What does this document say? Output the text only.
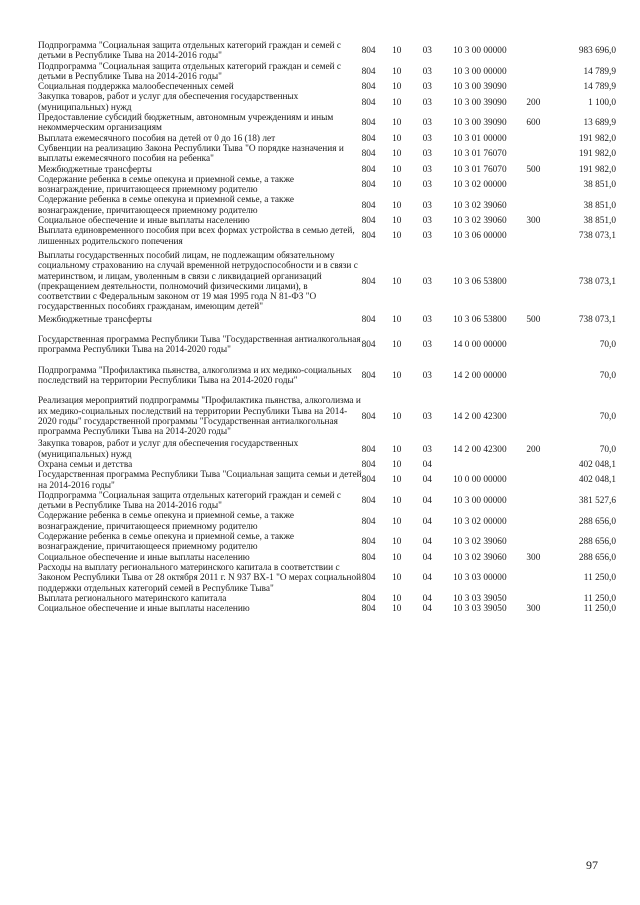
Подпрограмма "Социальная защита отдельных категорий граждан и семей с детьми в Республике Тыва на 2014-2016 годы"	804	10	03	10 3 00 00000		983 696,0
Подпрограмма "Социальная защита отдельных категорий граждан и семей с детьми в Республике Тыва на 2014-2016 годы"	804	10	03	10 3 00 00000		14 789,9
Социальная поддержка малообеспеченных семей	804	10	03	10 3 00 39090		14 789,9
Закупка товаров, работ и услуг для обеспечения государственных (муниципальных) нужд	804	10	03	10 3 00 39090	200	1 100,0
Предоставление субсидий бюджетным, автономным учреждениям и иным некоммерческим организациям	804	10	03	10 3 00 39090	600	13 689,9
Выплата ежемесячного пособия на детей от 0 до 16 (18) лет	804	10	03	10 3 01 00000		191 982,0
Субвенции на реализацию Закона Республики Тыва "О порядке назначения и выплаты ежемесячного пособия на ребенка"	804	10	03	10 3 01 76070		191 982,0
Межбюджетные трансферты	804	10	03	10 3 01 76070	500	191 982,0
Содержание ребенка в семье опекуна и приемной семье, а также вознаграждение, причитающееся приемному родителю	804	10	03	10 3 02 00000		38 851,0
Содержание ребенка в семье опекуна и приемной семье, а также вознаграждение, причитающееся приемному родителю	804	10	03	10 3 02 39060		38 851,0
Социальное обеспечение и иные выплаты населению	804	10	03	10 3 02 39060	300	38 851,0
Выплата единовременного пособия при всех формах устройства в семью детей, лишенных родительского попечения	804	10	03	10 3 06 00000		738 073,1
Выплаты государственных пособий лицам, не подлежащим обязательному социальному страхованию на случай временной нетрудоспособности и в связи с материнством, и лицам, уволенным в связи с ликвидацией организаций (прекращением деятельности, полномочий физическими лицами), в соответствии с Федеральным законом от 19 мая 1995 года N 81-ФЗ "О государственных пособиях гражданам, имеющим детей"	804	10	03	10 3 06 53800		738 073,1
Межбюджетные трансферты	804	10	03	10 3 06 53800	500	738 073,1
Государственная программа Республики Тыва "Государственная антиалкогольная программа Республики Тыва на 2014-2020 годы"	804	10	03	14 0 00 00000		70,0
Подпрограмма "Профилактика пьянства, алкоголизма и их медико-социальных последствий на территории Республики Тыва на 2014-2020 годы"	804	10	03	14 2 00 00000		70,0
Реализация мероприятий подпрограммы "Профилактика пьянства, алкоголизма и их медико-социальных последствий на территории Республики Тыва на 2014-2020 годы" государственной программы "Государственная антиалкогольная программа Республики Тыва на 2014-2020 годы"	804	10	03	14 2 00 42300		70,0
Закупка товаров, работ и услуг для обеспечения государственных (муниципальных) нужд	804	10	03	14 2 00 42300	200	70,0
Охрана семьи и детства	804	10	04			402 048,1
Государственная программа Республики Тыва "Социальная защита семьи и детей на 2014-2016 годы"	804	10	04	10 0 00 00000		402 048,1
Подпрограмма "Социальная защита отдельных категорий граждан и семей с детьми в Республике Тыва на 2014-2016 годы"	804	10	04	10 3 00 00000		381 527,6
Содержание ребенка в семье опекуна и приемной семье, а также вознаграждение, причитающееся приемному родителю	804	10	04	10 3 02 00000		288 656,0
Содержание ребенка в семье опекуна и приемной семье, а также вознаграждение, причитающееся приемному родителю	804	10	04	10 3 02 39060		288 656,0
Социальное обеспечение и иные выплаты населению	804	10	04	10 3 02 39060	300	288 656,0
Расходы на выплату регионального материнского капитала в соответствии с Законом Республики Тыва от 28 октября 2011 г. N 937 ВХ-1 "О мерах социальной поддержки отдельных категорий семей в Республике Тыва"	804	10	04	10 3 03 00000		11 250,0
Выплата регионального материнского капитала	804	10	04	10 3 03 39050		11 250,0
Социальное обеспечение и иные выплаты населению	804	10	04	10 3 03 39050	300	11 250,0
97
